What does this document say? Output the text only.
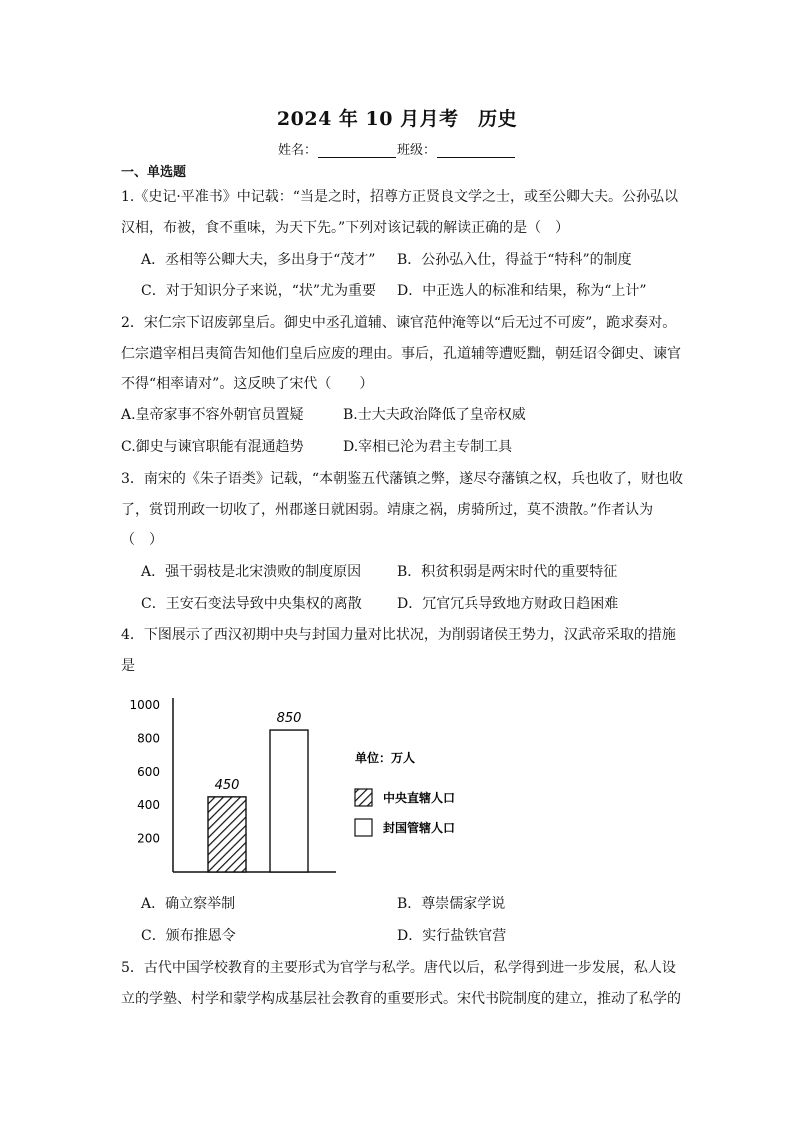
2024 年 10 月月考　历史
姓名：	班级：
一、单选题
1.《史记·平准书》中记载：“当是之时，招尊方正贤良文学之士，或至公卿大夫。公孙弘以
汉相，布被，食不重味，为天下先。”下列对该记载的解读正确的是（　）
A．丞相等公卿大夫，多出身于“茂才” B．公孙弘入仕，得益于“特科”的制度
C．对于知识分子来说，“状”尤为重要 D．中正选人的标准和结果，称为“上计”
2．宋仁宗下诏废郭皇后。御史中丞孔道辅、谏官范仲淹等以“后无过不可废”，跪求奏对。
仁宗遣宰相吕夷简告知他们皇后应废的理由。事后，孔道辅等遭贬黜，朝廷诏令御史、谏官
不得“相率请对”。这反映了宋代（　　）
A.皇帝家事不容外朝官员置疑	B.士大夫政治降低了皇帝权威
C.御史与谏官职能有混通趋势	D.宰相已沦为君主专制工具
3．南宋的《朱子语类》记载，“本朝鉴五代藩镇之弊，遂尽夺藩镇之权，兵也收了，财也收
了，赏罚刑政一切收了，州郡遂日就困弱。靖康之祸，虏骑所过，莫不溃散。”作者认为
（　）
A．强干弱枝是北宋溃败的制度原因	B．积贫积弱是两宋时代的重要特征
C．王安石变法导致中央集权的离散	D．冗官冗兵导致地方财政日趋困难
4．下图展示了西汉初期中央与封国力量对比状况，为削弱诸侯王势力，汉武帝采取的措施
是
1000
800
600
400
200
450
850
单位：万人
中央直辖人口
封国管辖人口
A．确立察举制	B．尊崇儒家学说
C．颁布推恩令	D．实行盐铁官营
5．古代中国学校教育的主要形式为官学与私学。唐代以后，私学得到进一步发展，私人设
立的学塾、村学和蒙学构成基层社会教育的重要形式。宋代书院制度的建立，推动了私学的
